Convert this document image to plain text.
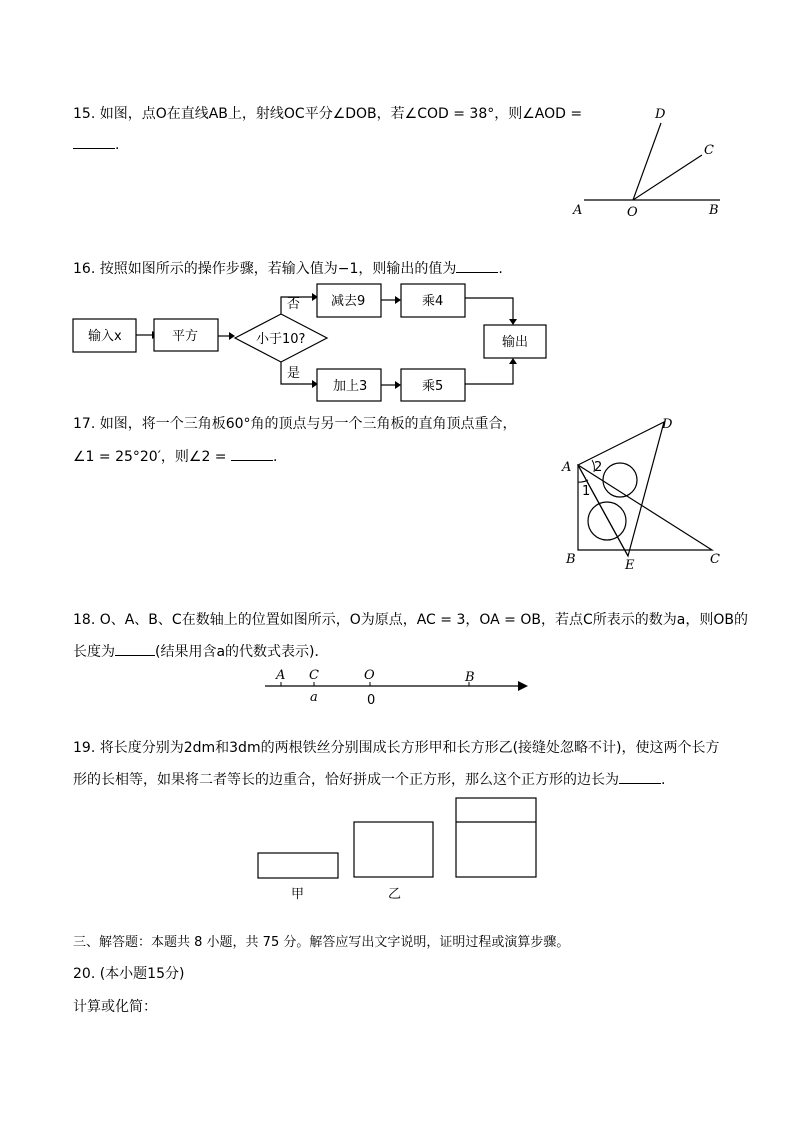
15. 如图，点O在直线AB上，射线OC平分∠DOB，若∠COD = 38°，则∠AOD =
.
A	O	B
C
D
输入x	平方	小于10?
否 减去9	乘4
输出
是
加上3	乘5
A
B	C
D
E
2
1
A C	O	B
a	0
甲	乙
16. 按照如图所示的操作步骤，若输入值为−1，则输出的值为	.
17. 如图，将一个三角板60°角的顶点与另一个三角板的直角顶点重合，
∠1 = 25°20′，则∠2 =	.
18. O、A、B、C在数轴上的位置如图所示，O为原点，AC = 3，OA = OB，若点C所表示的数为a，则OB的
长度为	(结果用含a的代数式表示)．
19. 将长度分别为2dm和3dm的两根铁丝分别围成长方形甲和长方形乙(接缝处忽略不计)，使这两个长方
形的长相等，如果将二者等长的边重合，恰好拼成一个正方形，那么这个正方形的边长为	.
三、解答题：本题共 8 小题，共 75 分。解答应写出文字说明，证明过程或演算步骤。
20. (本小题15分)
计算或化简：
